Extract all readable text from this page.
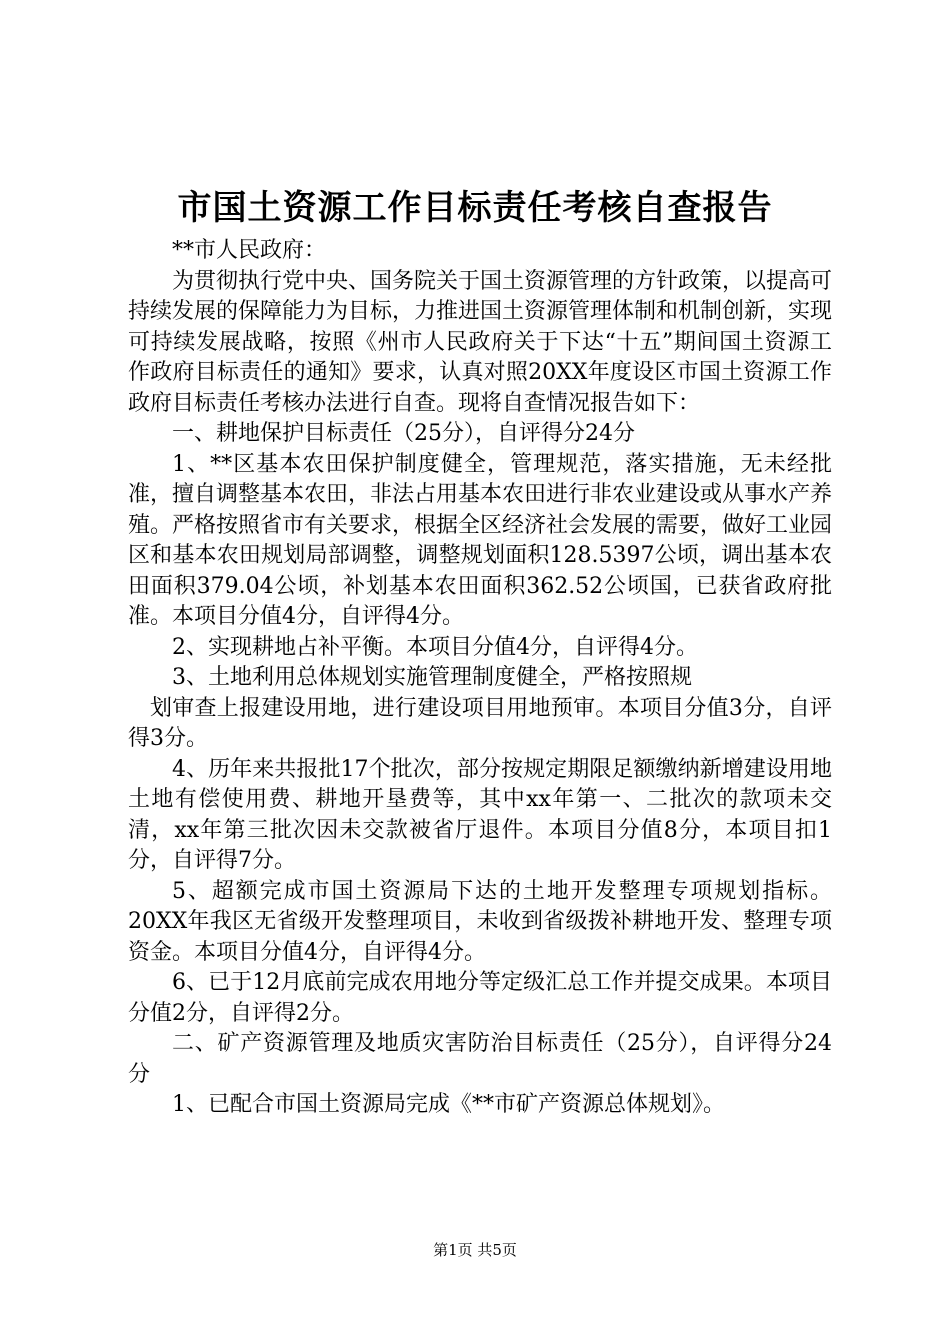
市国土资源工作目标责任考核自查报告

**市人民政府：

为贯彻执行党中央、国务院关于国土资源管理的方针政策，以提高可持续发展的保障能力为目标，力推进国土资源管理体制和机制创新，实现可持续发展战略，按照《州市人民政府关于下达“十五”期间国土资源工作政府目标责任的通知》要求，认真对照20XX年度设区市国土资源工作政府目标责任考核办法进行自查。现将自查情况报告如下：

一、耕地保护目标责任（25分），自评得分24分

1、**区基本农田保护制度健全，管理规范，落实措施，无未经批准，擅自调整基本农田，非法占用基本农田进行非农业建设或从事水产养殖。严格按照省市有关要求，根据全区经济社会发展的需要，做好工业园区和基本农田规划局部调整，调整规划面积128.5397公顷，调出基本农田面积379.04公顷，补划基本农田面积362.52公顷国，已获省政府批准。本项目分值4分，自评得4分。

2、实现耕地占补平衡。本项目分值4分，自评得4分。

3、土地利用总体规划实施管理制度健全，严格按照规

划审查上报建设用地，进行建设项目用地预审。本项目分值3分，自评得3分。

4、历年来共报批17个批次，部分按规定期限足额缴纳新增建设用地土地有偿使用费、耕地开垦费等，其中xx年第一、二批次的款项未交清，xx年第三批次因未交款被省厅退件。本项目分值8分，本项目扣1分，自评得7分。

5、超额完成市国土资源局下达的土地开发整理专项规划指标。20XX年我区无省级开发整理项目，未收到省级拨补耕地开发、整理专项资金。本项目分值4分，自评得4分。

6、已于12月底前完成农用地分等定级汇总工作并提交成果。本项目分值2分，自评得2分。

二、矿产资源管理及地质灾害防治目标责任（25分），自评得分24分

1、已配合市国土资源局完成《**市矿产资源总体规划》。

第1页 共5页
